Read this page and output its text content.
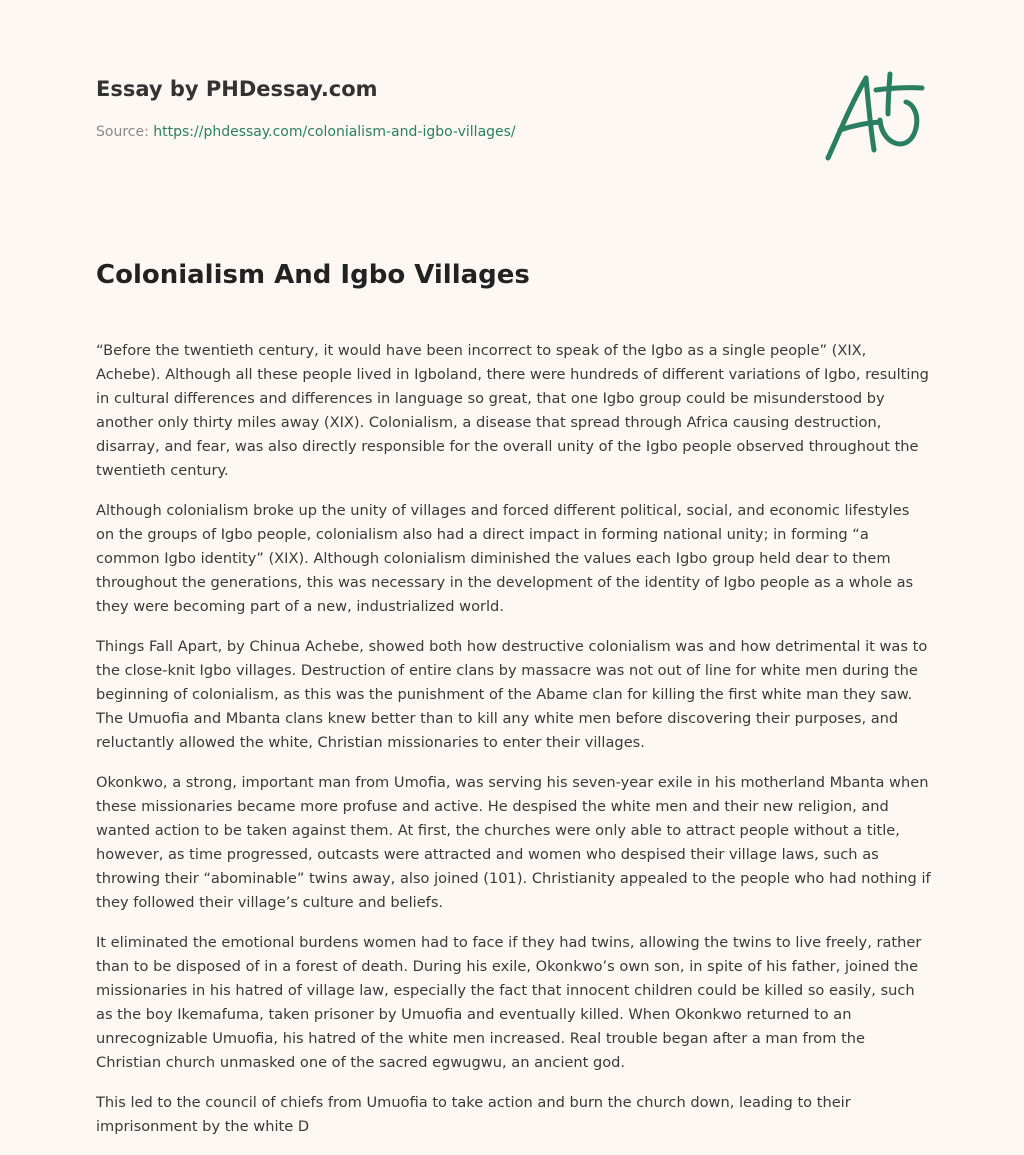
Essay by PHDessay.com
Source: https://phdessay.com/colonialism-and-igbo-villages/
Colonialism And Igbo Villages

“Before the twentieth century, it would have been incorrect to speak of the Igbo as a single people” (XIX, Achebe). Although all these people lived in Igboland, there were hundreds of different variations of Igbo, resulting in cultural differences and differences in language so great, that one Igbo group could be misunderstood by another only thirty miles away (XIX). Colonialism, a disease that spread through Africa causing destruction, disarray, and fear, was also directly responsible for the overall unity of the Igbo people observed throughout the twentieth century.

Although colonialism broke up the unity of villages and forced different political, social, and economic lifestyles on the groups of Igbo people, colonialism also had a direct impact in forming national unity; in forming “a common Igbo identity” (XIX). Although colonialism diminished the values each Igbo group held dear to them throughout the generations, this was necessary in the development of the identity of Igbo people as a whole as they were becoming part of a new, industrialized world.

Things Fall Apart, by Chinua Achebe, showed both how destructive colonialism was and how detrimental it was to the close-knit Igbo villages. Destruction of entire clans by massacre was not out of line for white men during the beginning of colonialism, as this was the punishment of the Abame clan for killing the first white man they saw. The Umuofia and Mbanta clans knew better than to kill any white men before discovering their purposes, and reluctantly allowed the white, Christian missionaries to enter their villages.

Okonkwo, a strong, important man from Umofia, was serving his seven-year exile in his motherland Mbanta when these missionaries became more profuse and active. He despised the white men and their new religion, and wanted action to be taken against them. At first, the churches were only able to attract people without a title, however, as time progressed, outcasts were attracted and women who despised their village laws, such as throwing their “abominable” twins away, also joined (101). Christianity appealed to the people who had nothing if they followed their village’s culture and beliefs.

It eliminated the emotional burdens women had to face if they had twins, allowing the twins to live freely, rather than to be disposed of in a forest of death. During his exile, Okonkwo’s own son, in spite of his father, joined the missionaries in his hatred of village law, especially the fact that innocent children could be killed so easily, such as the boy Ikemafuma, taken prisoner by Umuofia and eventually killed. When Okonkwo returned to an unrecognizable Umuofia, his hatred of the white men increased. Real trouble began after a man from the Christian church unmasked one of the sacred egwugwu, an ancient god.

This led to the council of chiefs from Umuofia to take action and burn the church down, leading to their imprisonment by the white D
